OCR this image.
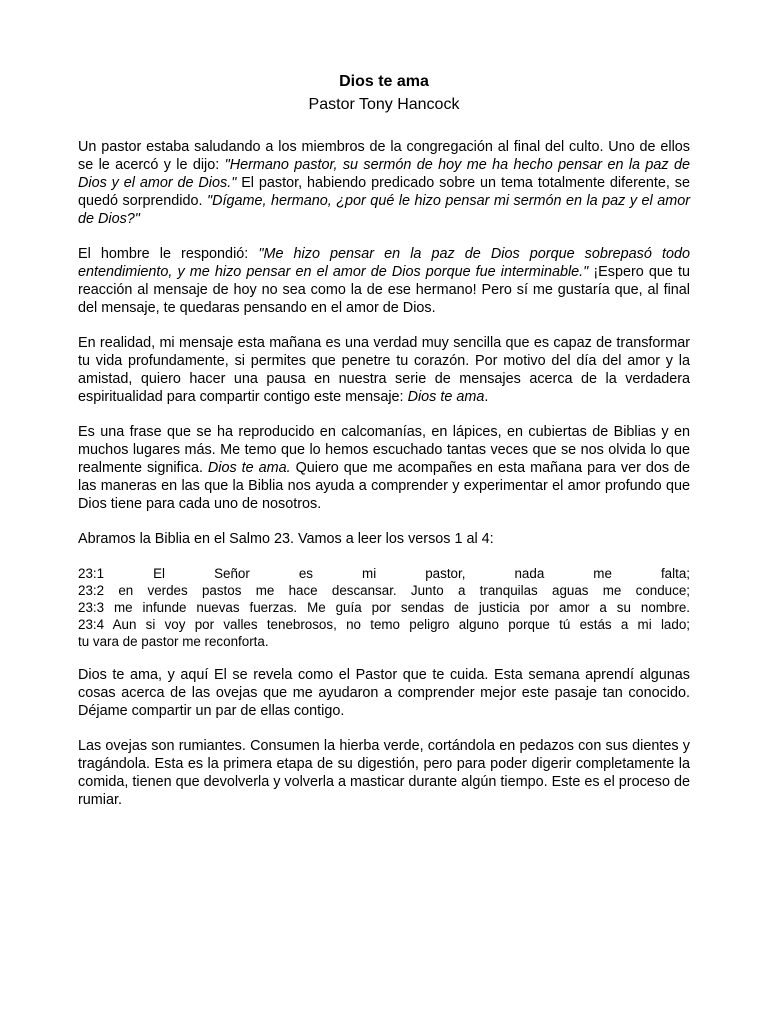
Dios te ama
Pastor Tony Hancock

Un pastor estaba saludando a los miembros de la congregación al final del culto. Uno de ellos se le acercó y le dijo: "Hermano pastor, su sermón de hoy me ha hecho pensar en la paz de Dios y el amor de Dios." El pastor, habiendo predicado sobre un tema totalmente diferente, se quedó sorprendido. "Dígame, hermano, ¿por qué le hizo pensar mi sermón en la paz y el amor de Dios?"

El hombre le respondió: "Me hizo pensar en la paz de Dios porque sobrepasó todo entendimiento, y me hizo pensar en el amor de Dios porque fue interminable." ¡Espero que tu reacción al mensaje de hoy no sea como la de ese hermano! Pero sí me gustaría que, al final del mensaje, te quedaras pensando en el amor de Dios.

En realidad, mi mensaje esta mañana es una verdad muy sencilla que es capaz de transformar tu vida profundamente, si permites que penetre tu corazón. Por motivo del día del amor y la amistad, quiero hacer una pausa en nuestra serie de mensajes acerca de la verdadera espiritualidad para compartir contigo este mensaje: Dios te ama.

Es una frase que se ha reproducido en calcomanías, en lápices, en cubiertas de Biblias y en muchos lugares más. Me temo que lo hemos escuchado tantas veces que se nos olvida lo que realmente significa. Dios te ama. Quiero que me acompañes en esta mañana para ver dos de las maneras en las que la Biblia nos ayuda a comprender y experimentar el amor profundo que Dios tiene para cada uno de nosotros.

Abramos la Biblia en el Salmo 23. Vamos a leer los versos 1 al 4:

23:1 El Señor es mi pastor, nada me falta;
23:2 en verdes pastos me hace descansar. Junto a tranquilas aguas me conduce;
23:3 me infunde nuevas fuerzas. Me guía por sendas de justicia por amor a su nombre.
23:4 Aun si voy por valles tenebrosos, no temo peligro alguno porque tú estás a mi lado;
tu vara de pastor me reconforta.

Dios te ama, y aquí El se revela como el Pastor que te cuida. Esta semana aprendí algunas cosas acerca de las ovejas que me ayudaron a comprender mejor este pasaje tan conocido. Déjame compartir un par de ellas contigo.

Las ovejas son rumiantes. Consumen la hierba verde, cortándola en pedazos con sus dientes y tragándola. Esta es la primera etapa de su digestión, pero para poder digerir completamente la comida, tienen que devolverla y volverla a masticar durante algún tiempo. Este es el proceso de rumiar.
